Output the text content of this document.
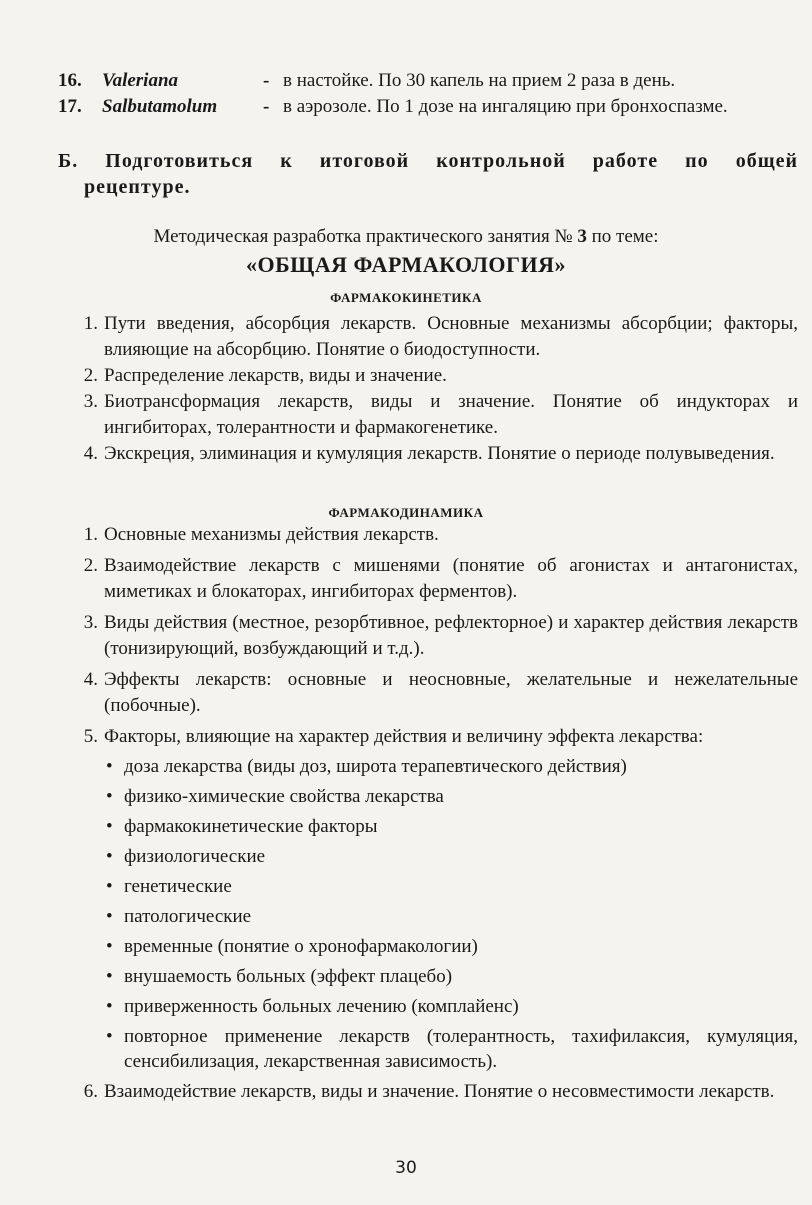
16. Valeriana	- в настойке. По 30 капель на прием 2 раза в день.
17. Salbutamolum - в аэрозоле. По 1 дозе на ингаляцию при бронхоспазме.
Б. Подготовиться к итоговой контрольной работе по общей
рецептуре.
Методическая разработка практического занятия № 3 по теме:
«ОБЩАЯ ФАРМАКОЛОГИЯ»
ФАРМАКОКИНЕТИКА
1. Пути введения, абсорбция лекарств. Основные механизмы абсорбции; факторы, влияющие на абсорбцию. Понятие о биодоступности.
2. Распределение лекарств, виды и значение.
3. Биотрансформация лекарств, виды и значение. Понятие об индукторах и ингибиторах, толерантности и фармакогенетике.
4. Экскреция, элиминация и кумуляция лекарств. Понятие о периоде полувыведения.
ФАРМАКОДИНАМИКА
1. Основные механизмы действия лекарств.
2. Взаимодействие лекарств с мишенями (понятие об агонистах и антагонистах, миметиках и блокаторах, ингибиторах ферментов).
3. Виды действия (местное, резорбтивное, рефлекторное) и характер действия лекарств (тонизирующий, возбуждающий и т.д.).
4. Эффекты лекарств: основные и неосновные, желательные и нежелательные (побочные).
5. Факторы, влияющие на характер действия и величину эффекта лекарства:
• доза лекарства (виды доз, широта терапевтического действия)
• физико-химические свойства лекарства
• фармакокинетические факторы
• физиологические
• генетические
• патологические
• временные (понятие о хронофармакологии)
• внушаемость больных (эффект плацебо)
• приверженность больных лечению (комплайенс)
• повторное применение лекарств (толерантность, тахифилаксия, кумуляция, сенсибилизация, лекарственная зависимость).
6. Взаимодействие лекарств, виды и значение. Понятие о несовместимости лекарств.
30
